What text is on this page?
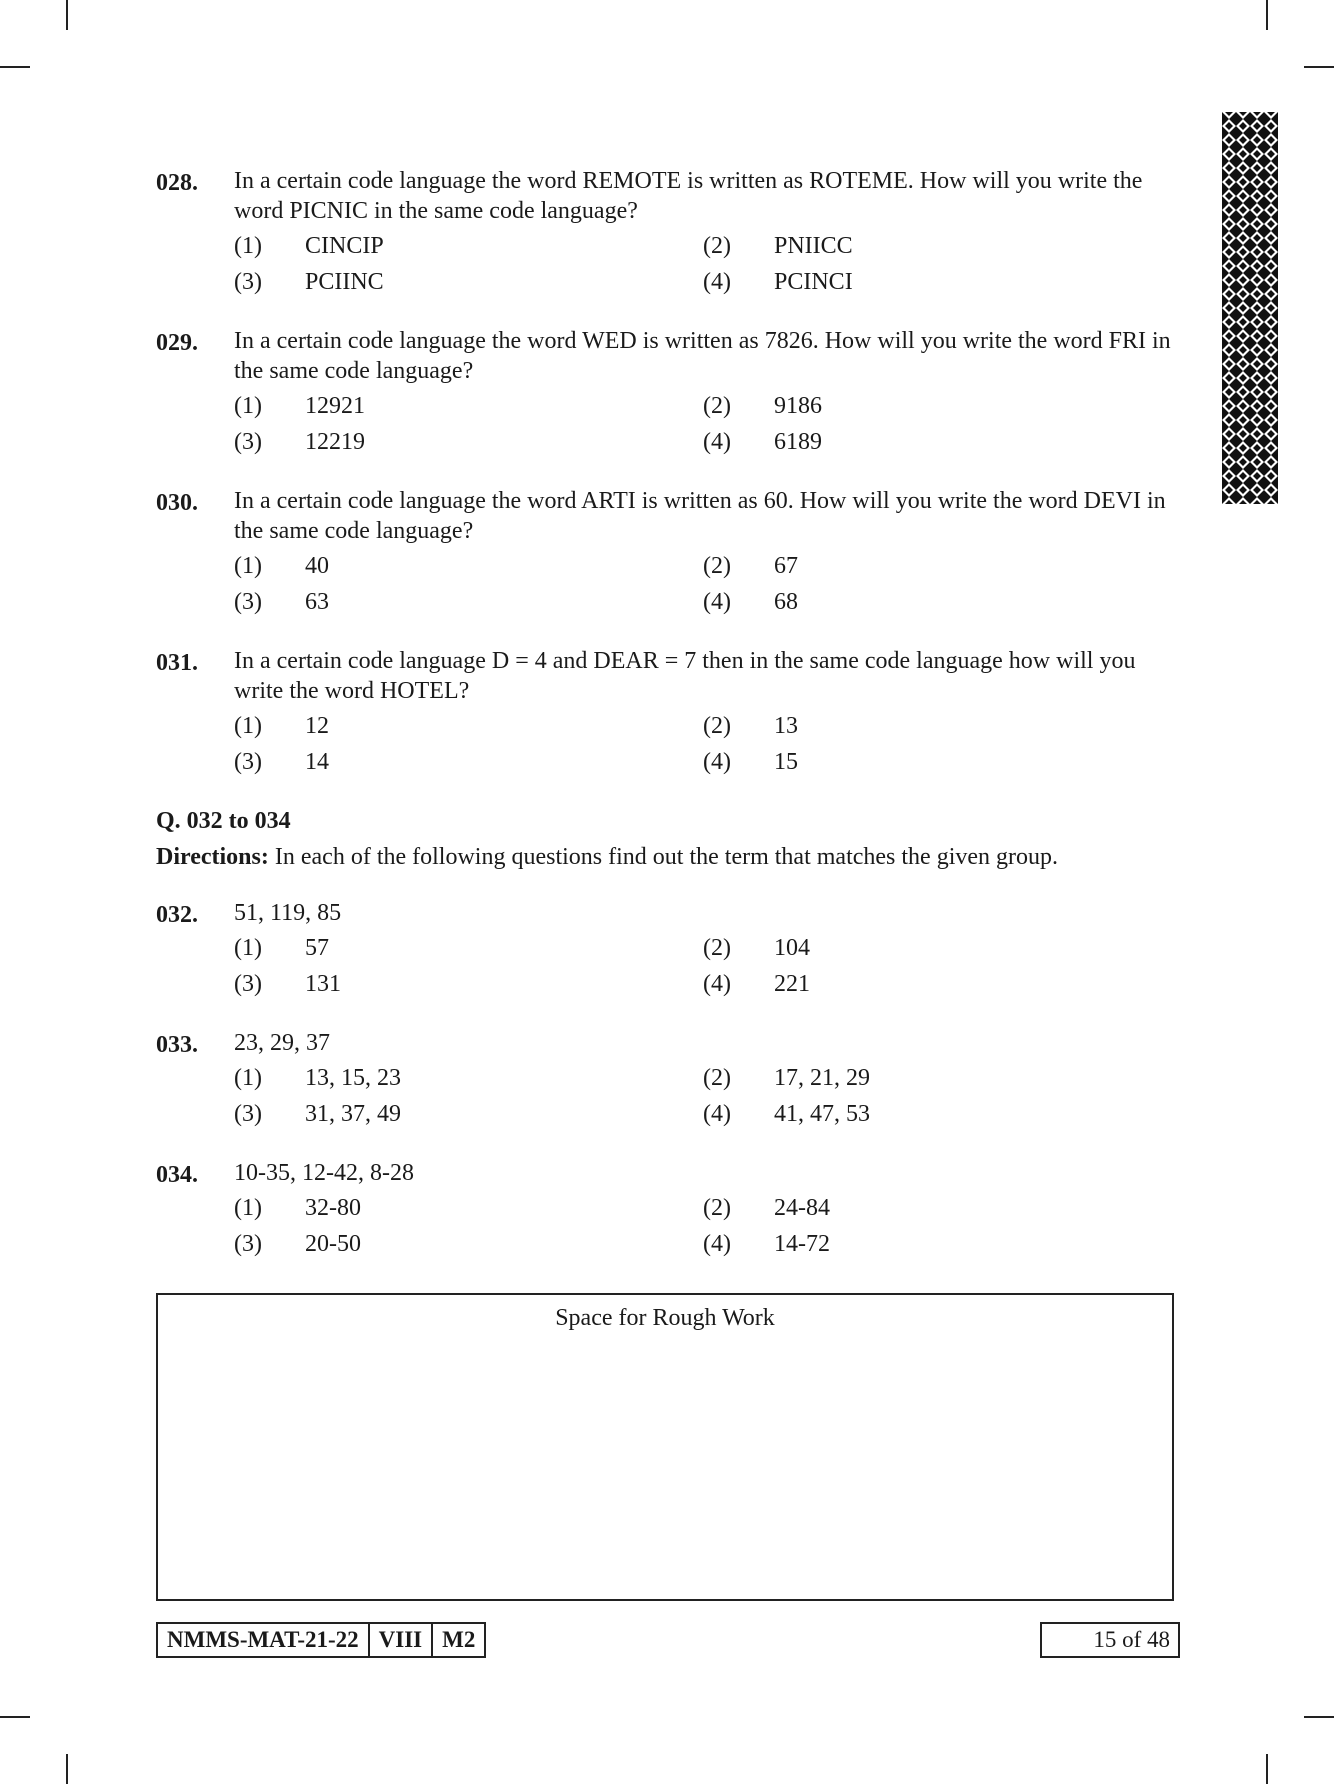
028. In a certain code language the word REMOTE is written as ROTEME. How will you write the word PICNIC in the same code language?
(1)	CINCIP	(2)	PNIICC
(3)	PCIINC	(4)	PCINCI
029. In a certain code language the word WED is written as 7826. How will you write the word FRI in the same code language?
(1)	12921	(2)	9186
(3)	12219	(4)	6189
030. In a certain code language the word ARTI is written as 60. How will you write the word DEVI in the same code language?
(1)	40	(2)	67
(3)	63	(4)	68
031. In a certain code language D = 4 and DEAR = 7 then in the same code language how will you write the word HOTEL?
(1)	12	(2)	13
(3)	14	(4)	15
Q. 032 to 034
Directions: In each of the following questions find out the term that matches the given group.
032. 51, 119, 85
(1)	57	(2)	104
(3)	131	(4)	221
033. 23, 29, 37
(1)	13, 15, 23	(2)	17, 21, 29
(3)	31, 37, 49	(4)	41, 47, 53
034. 10-35, 12-42, 8-28
(1)	32-80	(2)	24-84
(3)	20-50	(4)	14-72
Space for Rough Work
NMMS-MAT-21-22 VIII M2	15 of 48
